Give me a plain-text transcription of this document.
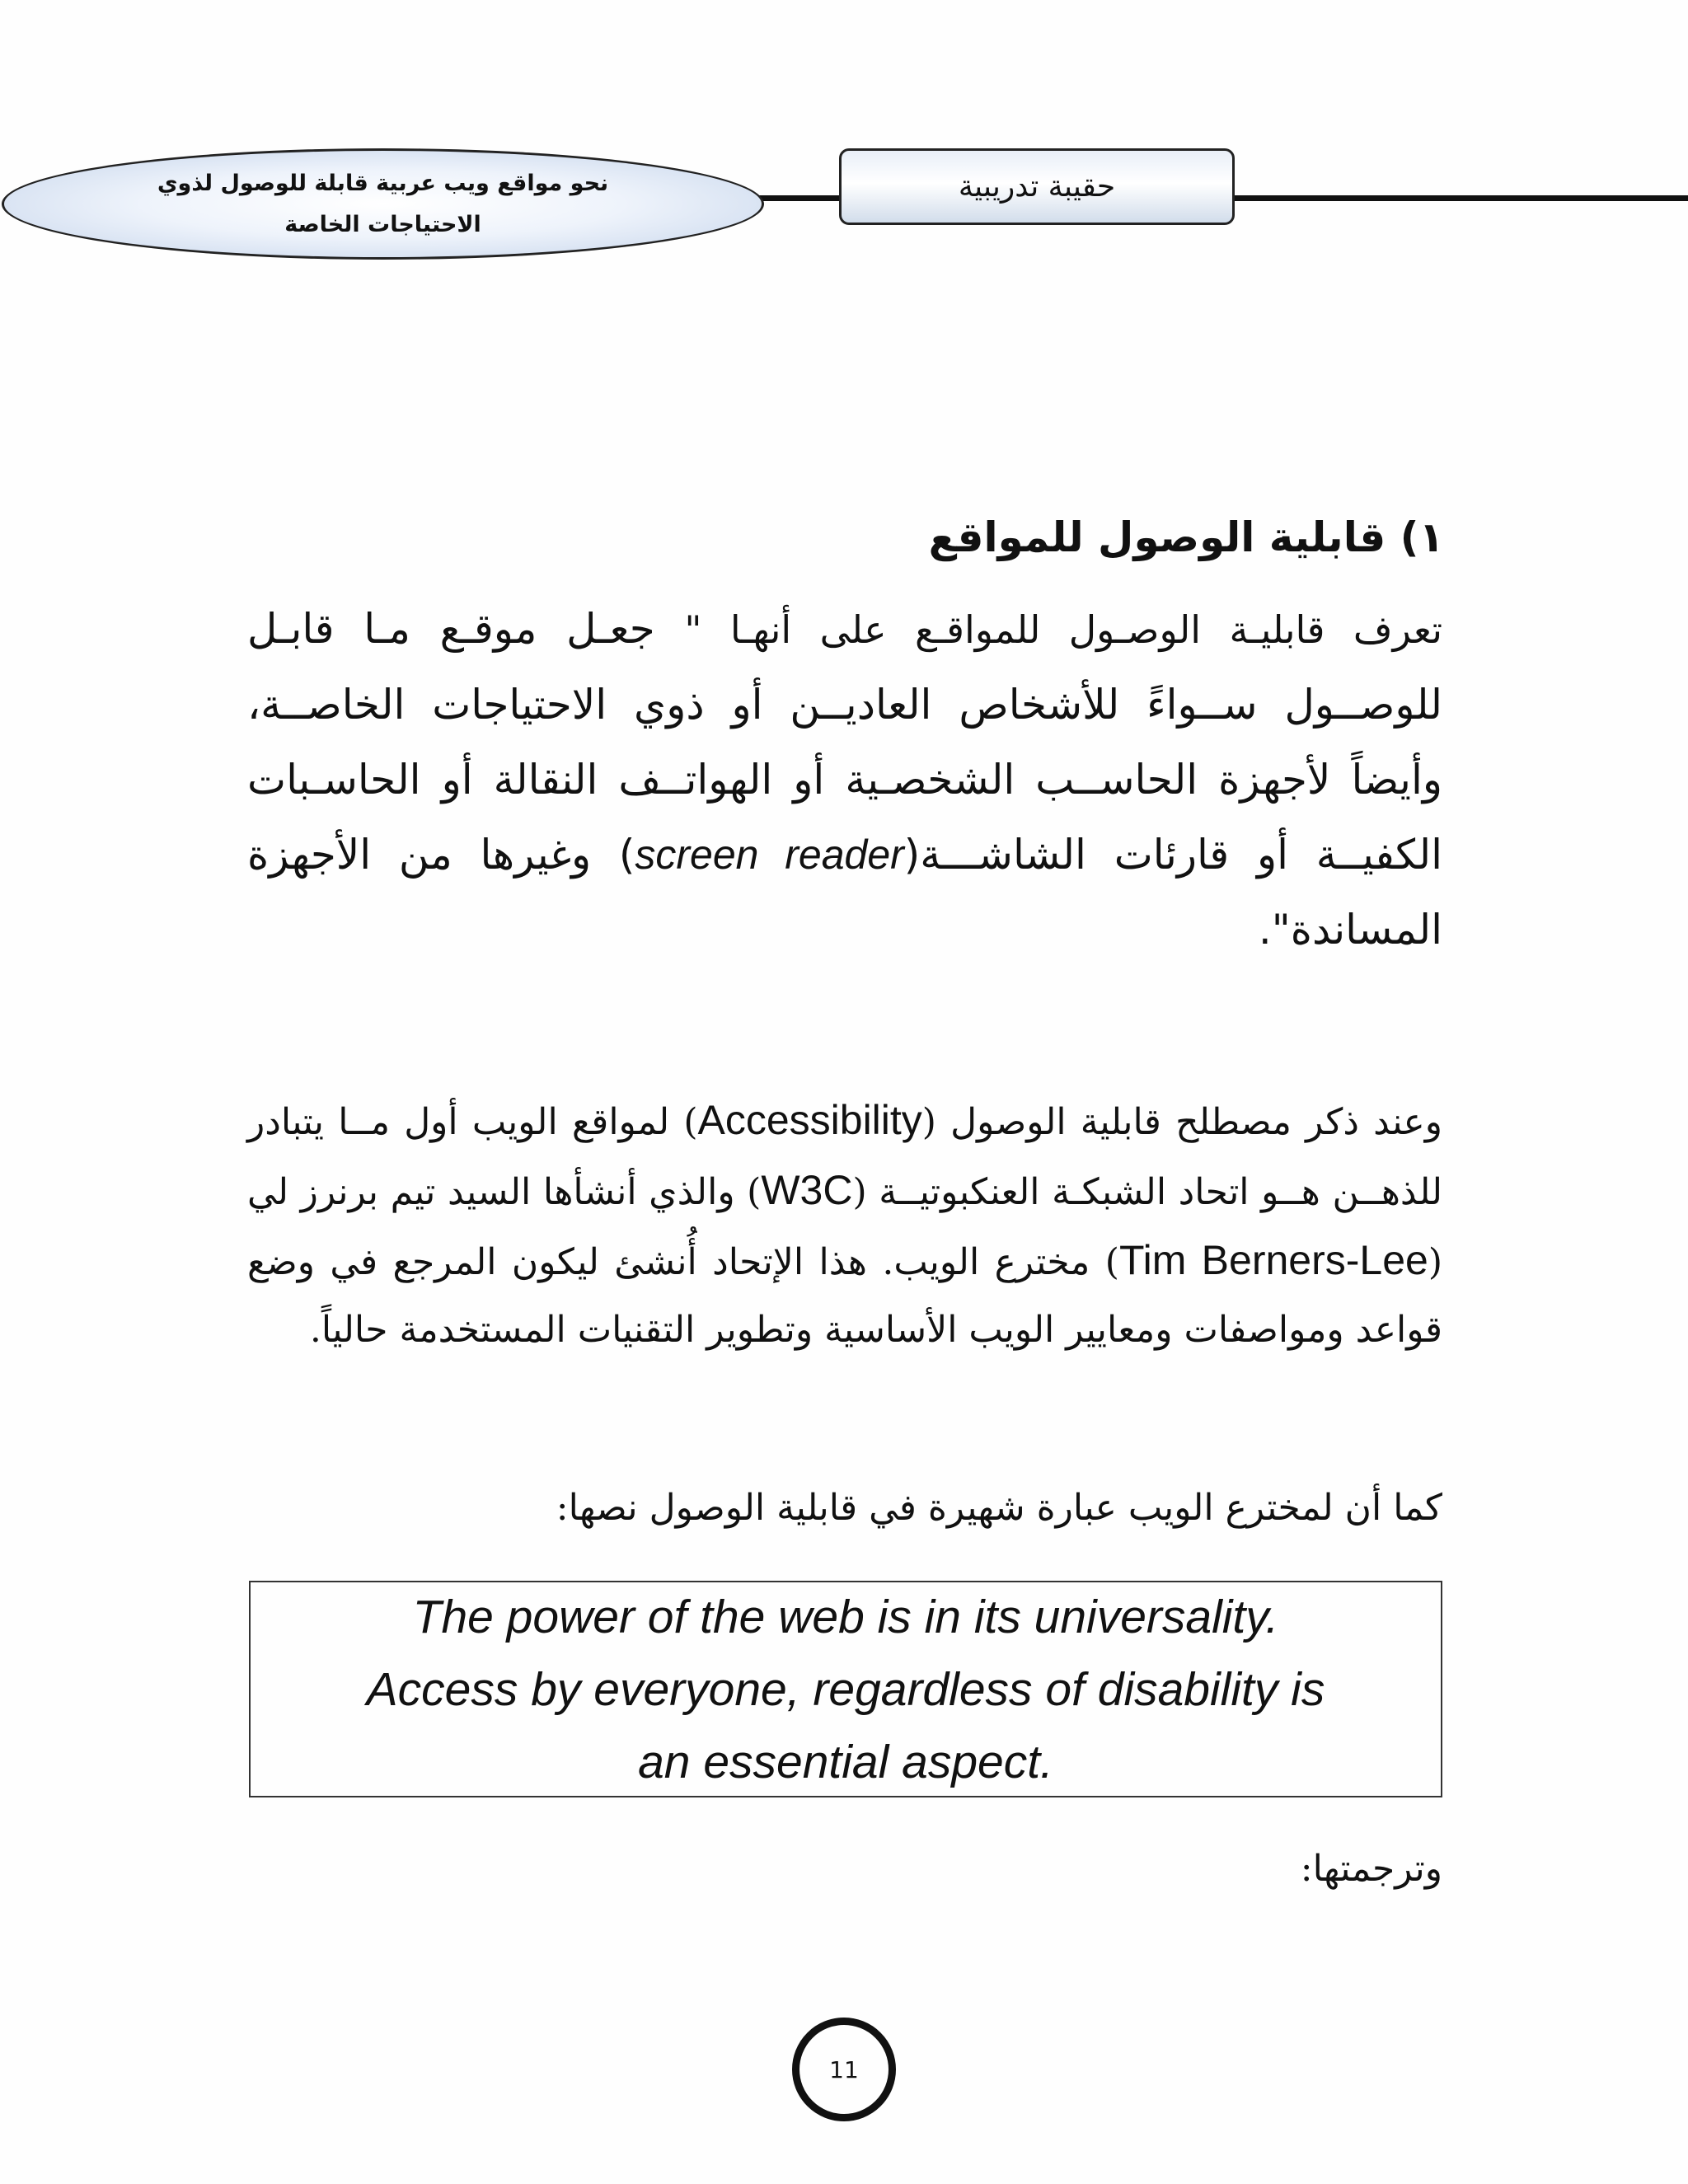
نحو مواقع ويب عربية قابلة للوصول لذوي
الاحتياجات الخاصة
حقيبة تدريبية
١) قابلية الوصول للمواقع
تعرف قابليـة الوصـول للمواقـع على أنهـا " جعـل موقـع مـا قابـل للوصــول ســواءً للأشخاص العاديــن أو ذوي الاحتياجات الخاصــة، وأيضاً لأجهزة الحاســب الشخصـية أو الهواتــف النقالة أو الحاسـبات الكفيــة أو قارئات الشاشـــة(screen reader) وغيرها من الأجهزة المساندة".
وعند ذكر مصطلح قابلية الوصول (Accessibility) لمواقع الويب أول مــا يتبادر للذهــن هــو اتحاد الشبكـة العنكبوتيــة (W3C) والذي أنشأها السيد تيم برنرز لي (Tim Berners-Lee) مخترع الويب. هذا الإتحاد أُنشئ ليكون المرجع في وضع قواعد ومواصفات ومعايير الويب الأساسية وتطوير التقنيات المستخدمة حالياً.
كما أن لمخترع الويب عبارة شهيرة في قابلية الوصول نصها:
The power of the web is in its universality.
Access by everyone, regardless of disability is
an essential aspect.
وترجمتها:
11
